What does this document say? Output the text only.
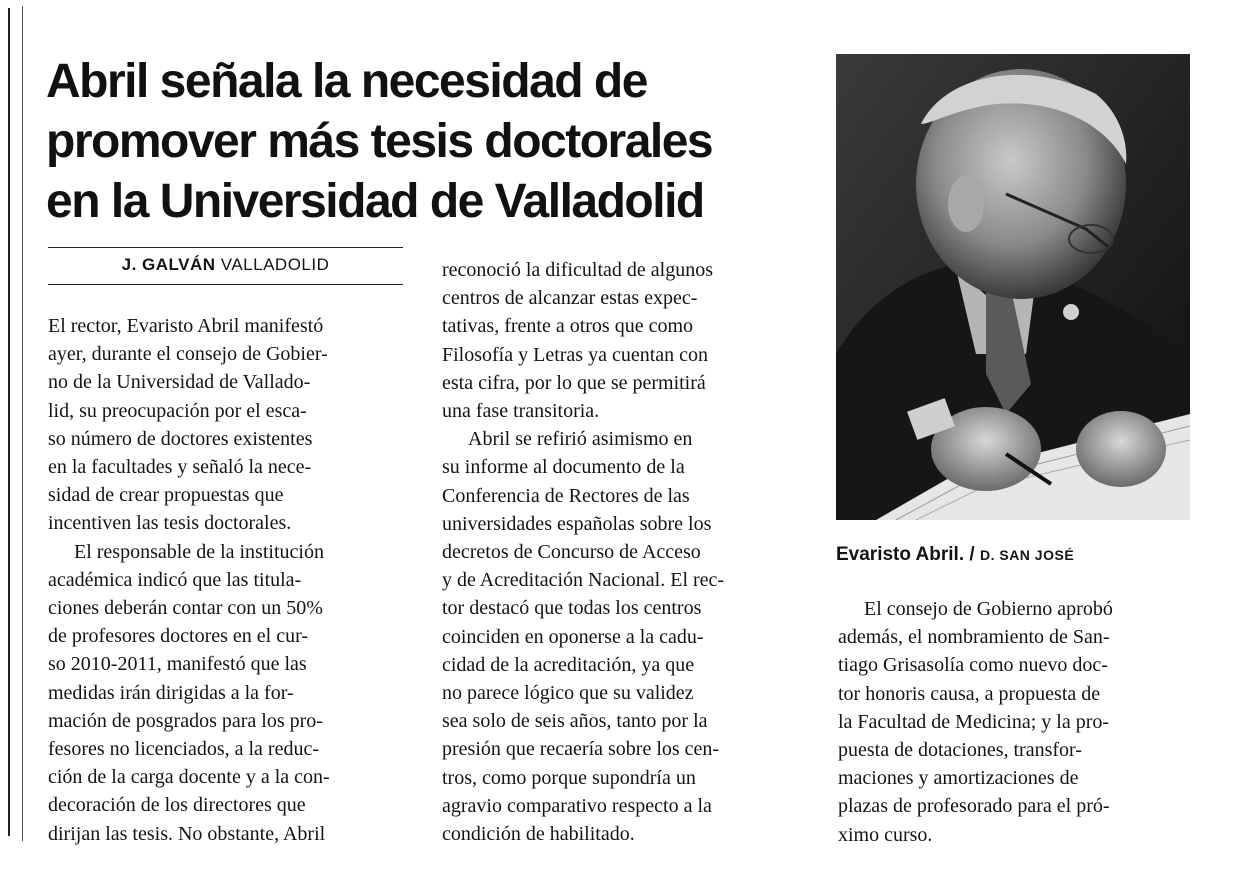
Abril señala la necesidad de
promover más tesis doctorales
en la Universidad de Valladolid
J. GALVÁN VALLADOLID
El rector, Evaristo Abril manifestó
ayer, durante el consejo de Gobier-
no de la Universidad de Vallado-
lid, su preocupación por el esca-
so número de doctores existentes
en la facultades y señaló la nece-
sidad de crear propuestas que
incentiven las tesis doctorales.
El responsable de la institución
académica indicó que las titula-
ciones deberán contar con un 50%
de profesores doctores en el cur-
so 2010-2011, manifestó que las
medidas irán dirigidas a la for-
mación de posgrados para los pro-
fesores no licenciados, a la reduc-
ción de la carga docente y a la con-
decoración de los directores que
dirijan las tesis. No obstante, Abril
reconoció la dificultad de algunos
centros de alcanzar estas expec-
tativas, frente a otros que como
Filosofía y Letras ya cuentan con
esta cifra, por lo que se permitirá
una fase transitoria.
Abril se refirió asimismo en
su informe al documento de la
Conferencia de Rectores de las
universidades españolas sobre los
decretos de Concurso de Acceso
y de Acreditación Nacional. El rec-
tor destacó que todas los centros
coinciden en oponerse a la cadu-
cidad de la acreditación, ya que
no parece lógico que su validez
sea solo de seis años, tanto por la
presión que recaería sobre los cen-
tros, como porque supondría un
agravio comparativo respecto a la
condición de habilitado.
Evaristo Abril. / D. SAN JOSÉ
El consejo de Gobierno aprobó
además, el nombramiento de San-
tiago Grisasolía como nuevo doc-
tor honoris causa, a propuesta de
la Facultad de Medicina; y la pro-
puesta de dotaciones, transfor-
maciones y amortizaciones de
plazas de profesorado para el pró-
ximo curso.
